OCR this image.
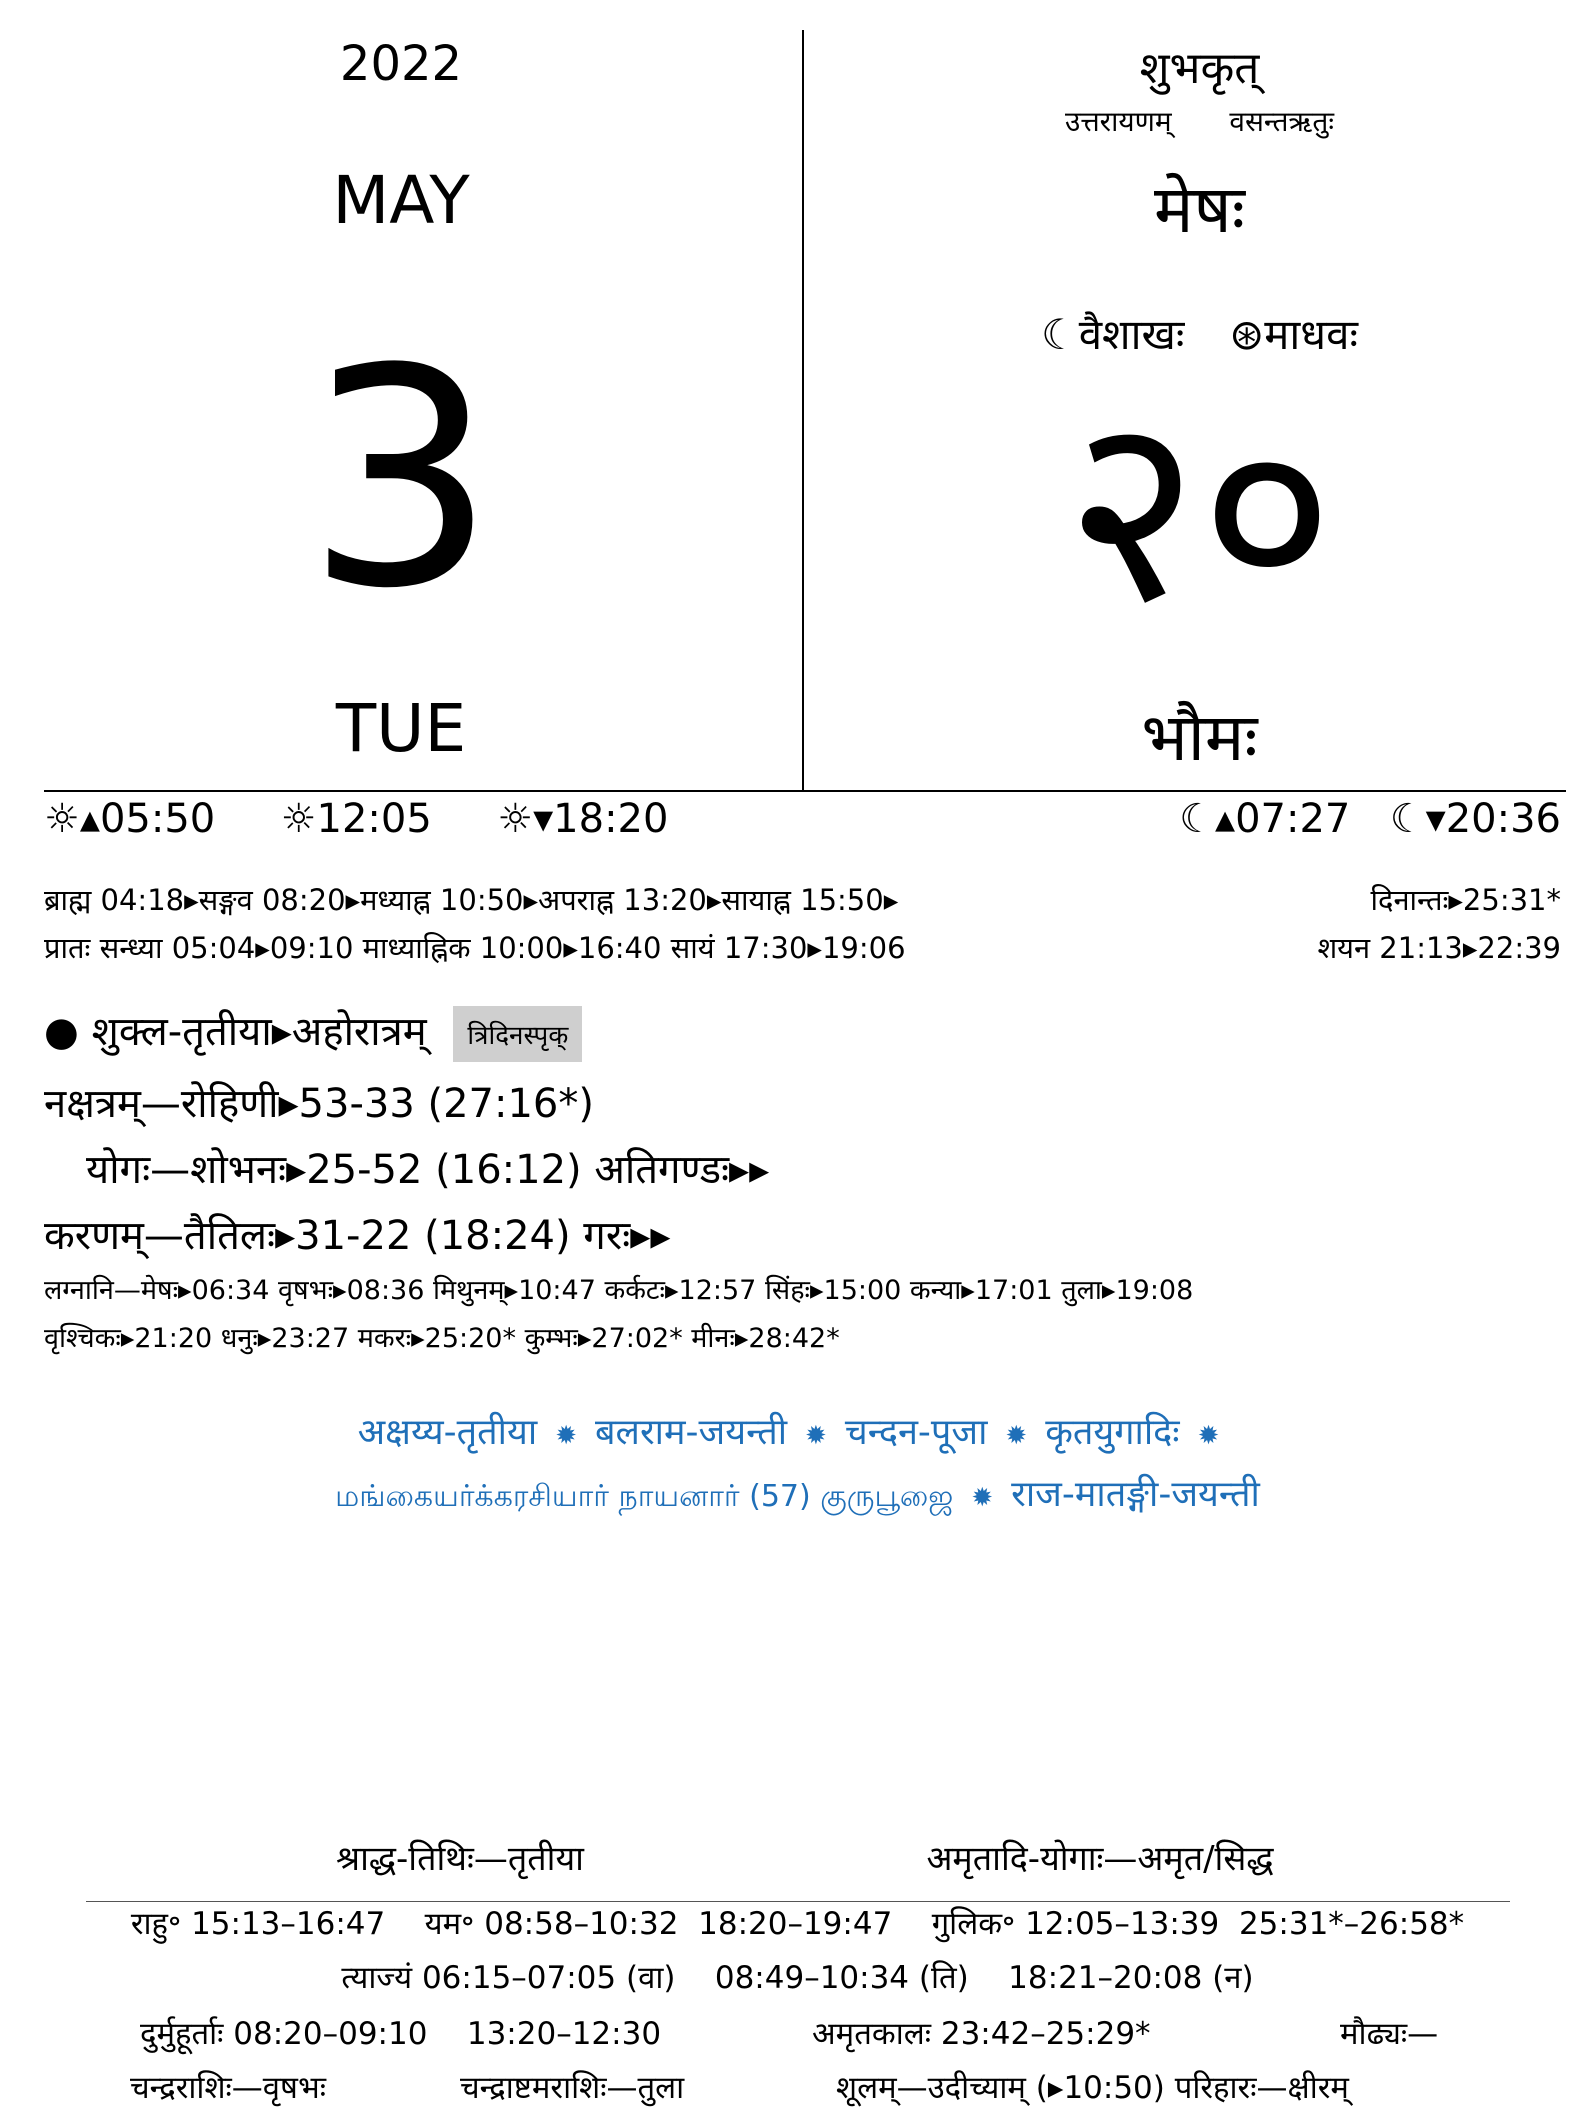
2022
MAY
3
TUE
शुभकृत्
उत्तरायणम् वसन्तऋतुः
मेषः
☾वैशाखः ⊛माधवः
२०
भौमः
☼▴05:50 ☼12:05 ☼▾18:20	☾▴07:27 ☾▾20:36
ब्राह्म 04:18▸सङ्गव 08:20▸मध्याह्न 10:50▸अपराह्न 13:20▸सायाह्न 15:50▸	दिनान्तः▸25:31*
प्रातः सन्ध्या 05:04▸09:10 माध्याह्निक 10:00▸16:40 सायं 17:30▸19:06	शयन 21:13▸22:39
● शुक्ल-तृतीया▸अहोरात्रम् त्रिदिनस्पृक्
नक्षत्रम्—रोहिणी▸53-33 (27:16*)
योगः—शोभनः▸25-52 (16:12) अतिगण्डः▸▸
करणम्—तैतिलः▸31-22 (18:24) गरः▸▸
लग्नानि—मेषः▸06:34 वृषभः▸08:36 मिथुनम्▸10:47 कर्कटः▸12:57 सिंहः▸15:00 कन्या▸17:01 तुला▸19:08
वृश्चिकः▸21:20 धनुः▸23:27 मकरः▸25:20* कुम्भः▸27:02* मीनः▸28:42*
अक्षय्य-तृतीया ✹ बलराम-जयन्ती ✹ चन्दन-पूजा ✹ कृतयुगादिः ✹
மங்கையர்க்கரசியார் நாயனார் (57) குருபூஜை ✹ राज-मातङ्गी-जयन्ती
श्राद्ध-तिथिः—तृतीया	अमृतादि-योगाः—अमृत/सिद्ध
राहु॰ 15:13–16:47    यम॰ 08:58–10:32  18:20–19:47    गुलिक॰ 12:05–13:39  25:31*–26:58*
त्याज्यं 06:15–07:05 (वा)    08:49–10:34 (ति)    18:21–20:08 (न)
दुर्मुहूर्ताः 08:20–09:10    13:20–12:30	अमृतकालः 23:42–25:29*	मौढ्यः—
चन्द्रराशिः—वृषभः	चन्द्राष्टमराशिः—तुला	शूलम्—उदीच्याम् (▸10:50) परिहारः—क्षीरम्
